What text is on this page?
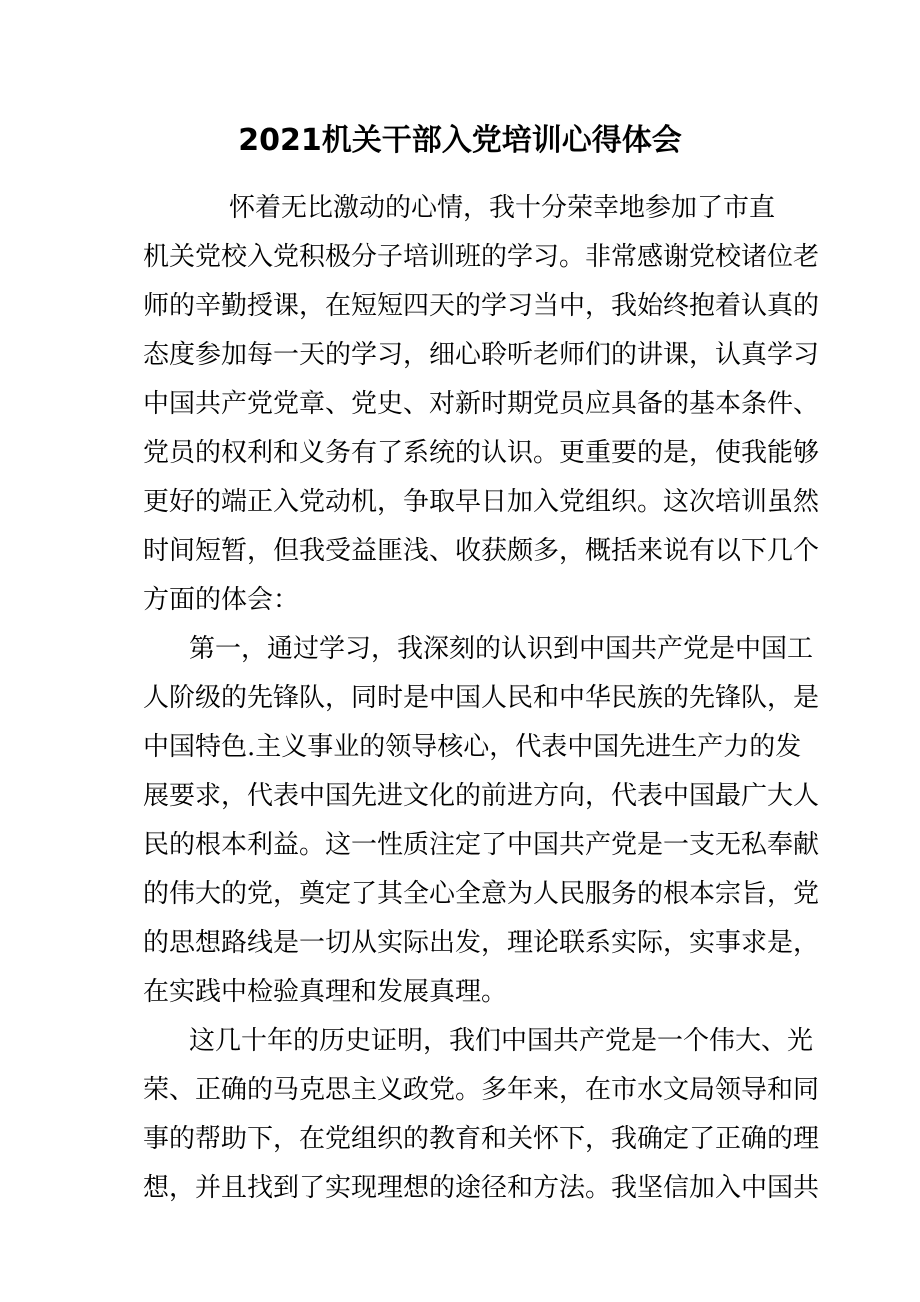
2021机关干部入党培训心得体会

怀着无比激动的心情，我十分荣幸地参加了市直
机关党校入党积极分子培训班的学习。非常感谢党校诸位老
师的辛勤授课，在短短四天的学习当中，我始终抱着认真的
态度参加每一天的学习，细心聆听老师们的讲课，认真学习
中国共产党党章、党史、对新时期党员应具备的基本条件、
党员的权利和义务有了系统的认识。更重要的是，使我能够
更好的端正入党动机，争取早日加入党组织。这次培训虽然
时间短暂，但我受益匪浅、收获颇多，概括来说有以下几个
方面的体会：

第一，通过学习，我深刻的认识到中国共产党是中国工
人阶级的先锋队，同时是中国人民和中华民族的先锋队，是
中国特色.主义事业的领导核心，代表中国先进生产力的发
展要求，代表中国先进文化的前进方向，代表中国最广大人
民的根本利益。这一性质注定了中国共产党是一支无私奉献
的伟大的党，奠定了其全心全意为人民服务的根本宗旨，党
的思想路线是一切从实际出发，理论联系实际，实事求是，
在实践中检验真理和发展真理。

这几十年的历史证明，我们中国共产党是一个伟大、光
荣、正确的马克思主义政党。多年来，在市水文局领导和同
事的帮助下，在党组织的教育和关怀下，我确定了正确的理
想，并且找到了实现理想的途径和方法。我坚信加入中国共
